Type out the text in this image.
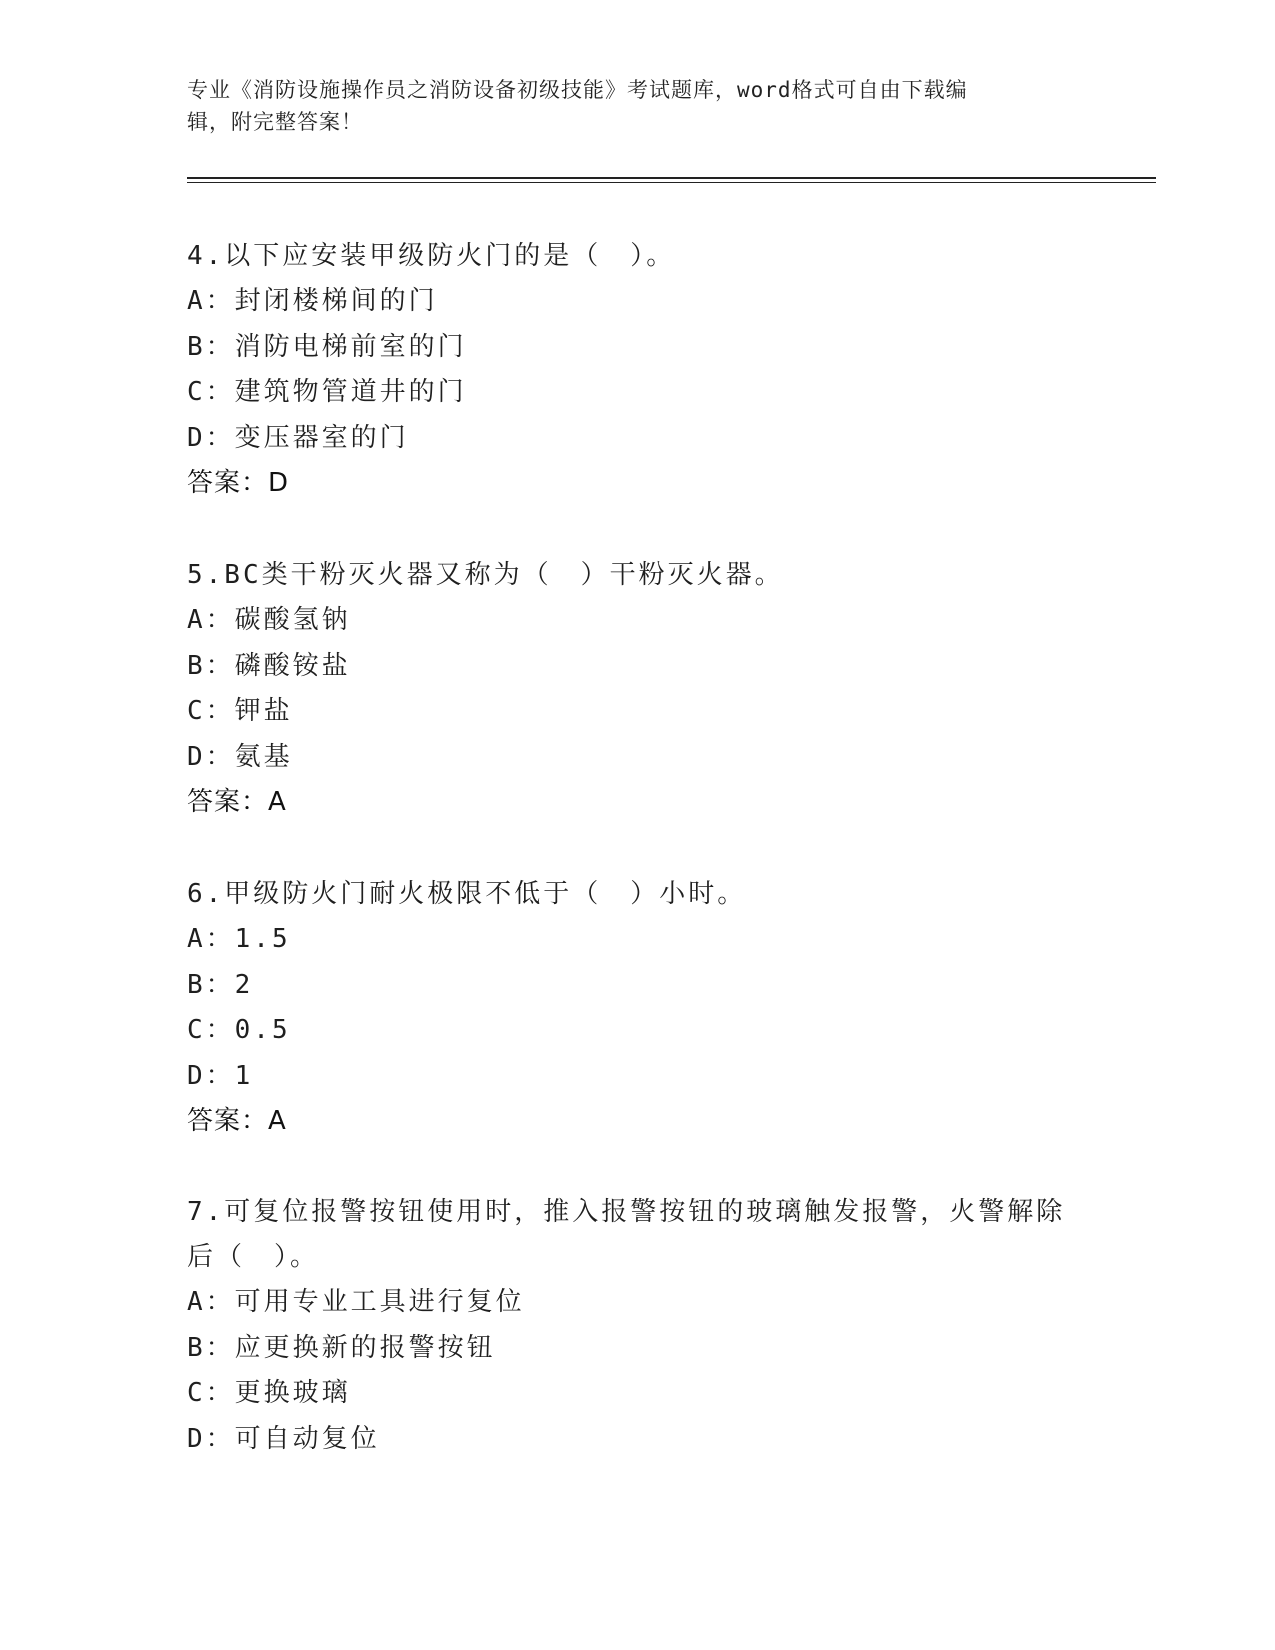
专业《消防设施操作员之消防设备初级技能》考试题库，word格式可自由下载编
辑，附完整答案！
4.以下应安装甲级防火门的是（　）。
A：封闭楼梯间的门
B：消防电梯前室的门
C：建筑物管道井的门
D：变压器室的门
答案：D
5.BC类干粉灭火器又称为（　）干粉灭火器。
A：碳酸氢钠
B：磷酸铵盐
C：钾盐
D：氨基
答案：A
6.甲级防火门耐火极限不低于（　）小时。
A：1.5
B：2
C：0.5
D：1
答案：A
7.可复位报警按钮使用时，推入报警按钮的玻璃触发报警，火警解除
后（　）。
A：可用专业工具进行复位
B：应更换新的报警按钮
C：更换玻璃
D：可自动复位
